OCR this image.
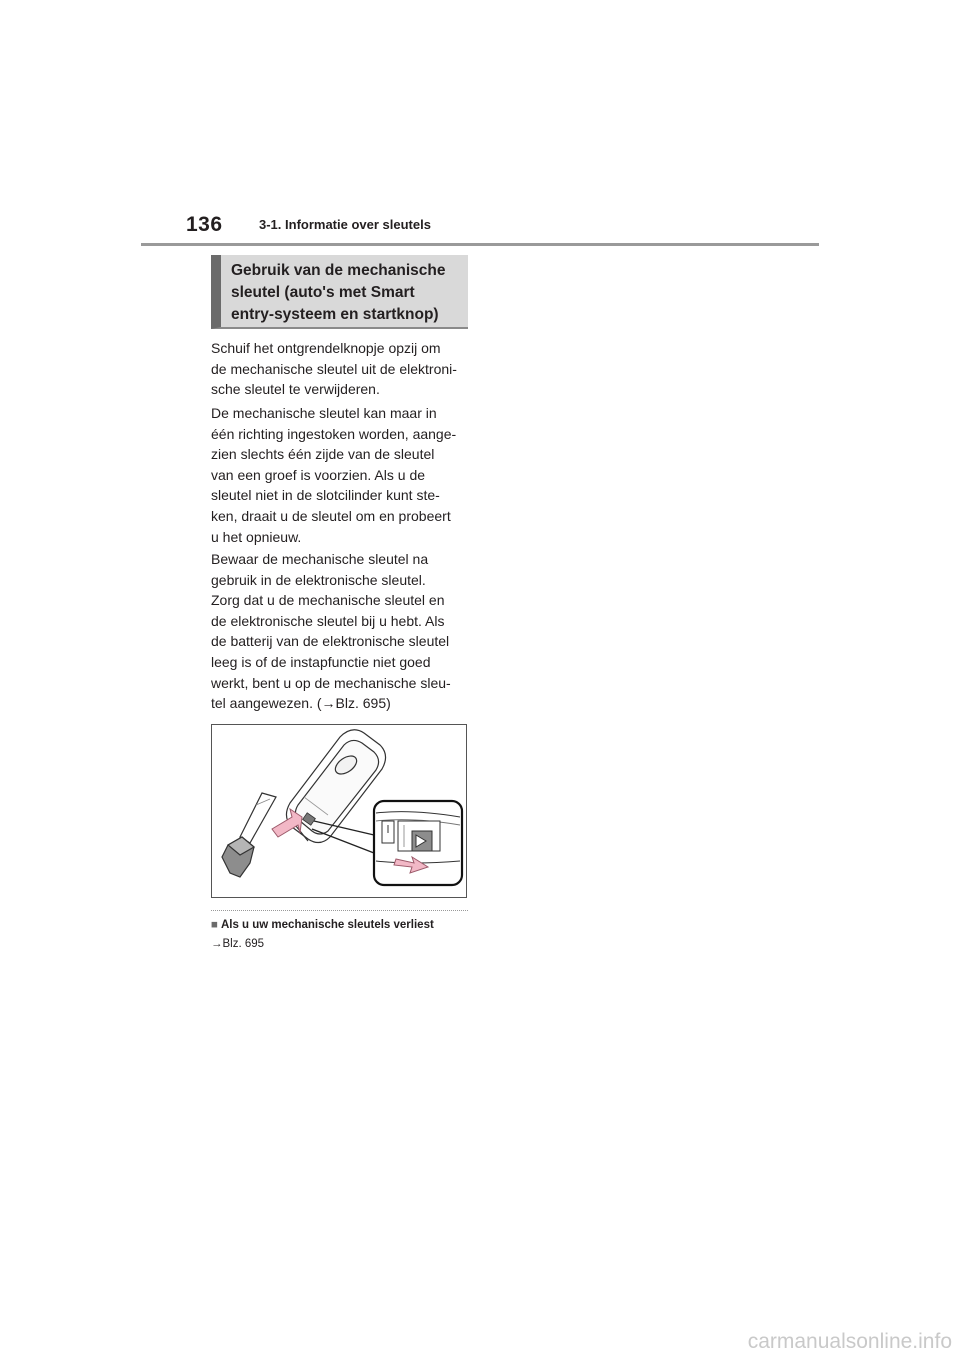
136	3-1. Informatie over sleutels
Gebruik van de mechanische
sleutel (auto's met Smart
entry-systeem en startknop)
Schuif het ontgrendelknopje opzij om
de mechanische sleutel uit de elektroni-
sche sleutel te verwijderen.
De mechanische sleutel kan maar in
één richting ingestoken worden, aange-
zien slechts één zijde van de sleutel
van een groef is voorzien. Als u de
sleutel niet in de slotcilinder kunt ste-
ken, draait u de sleutel om en probeert
u het opnieuw.
Bewaar de mechanische sleutel na
gebruik in de elektronische sleutel.
Zorg dat u de mechanische sleutel en
de elektronische sleutel bij u hebt. Als
de batterij van de elektronische sleutel
leeg is of de instapfunctie niet goed
werkt, bent u op de mechanische sleu-
tel aangewezen. (→Blz. 695)
■ Als u uw mechanische sleutels verliest
→Blz. 695
carmanualsonline.info
